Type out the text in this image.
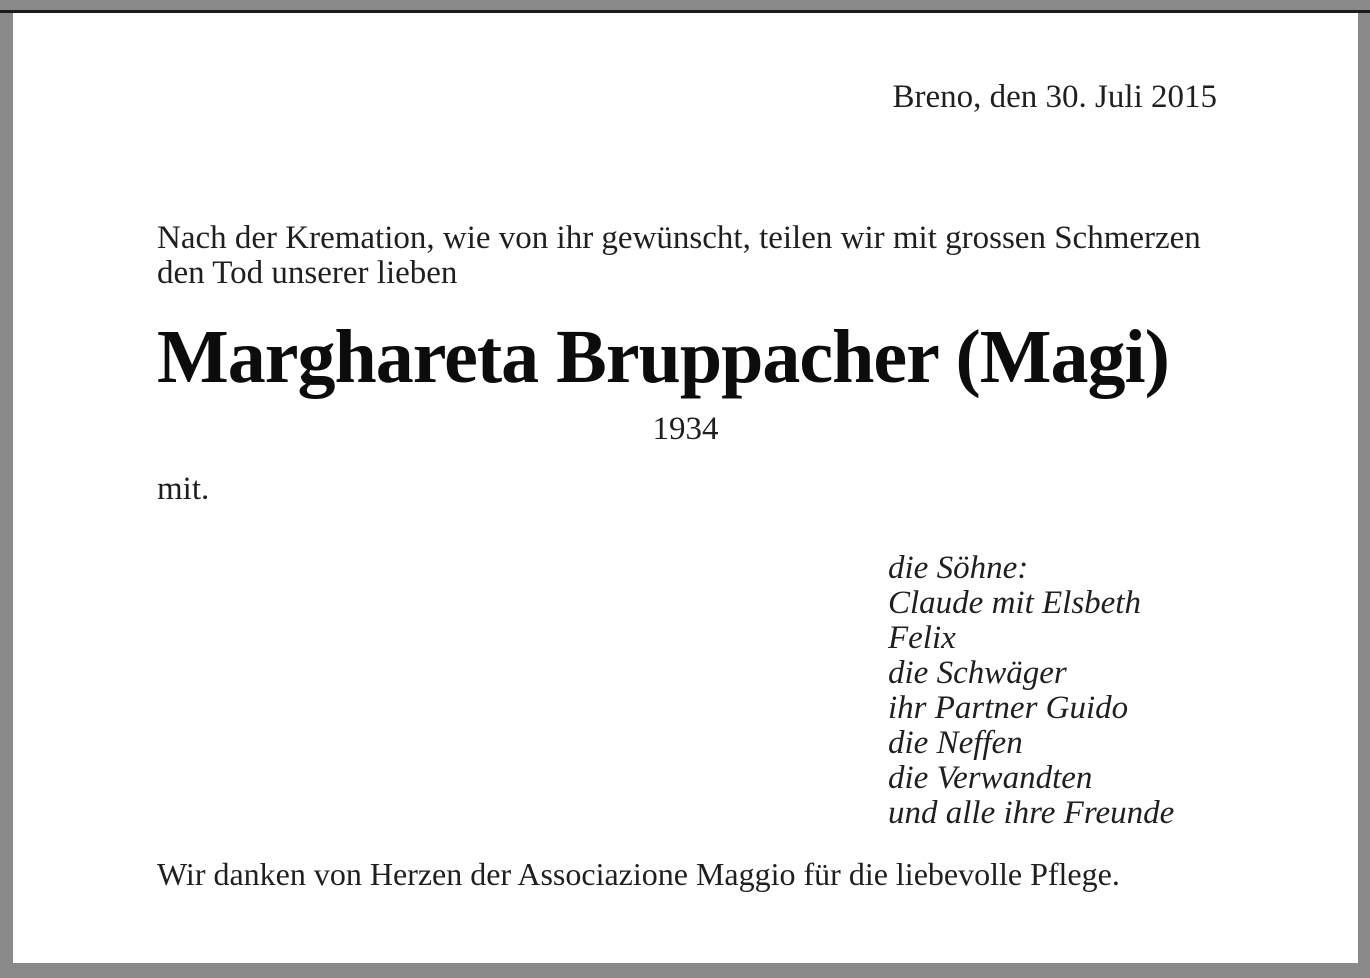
Breno, den 30. Juli 2015
Nach der Kremation, wie von ihr gewünscht, teilen wir mit grossen Schmerzen den Tod unserer lieben
Marghareta Bruppacher (Magi)
1934
mit.
die Söhne:
Claude mit Elsbeth
Felix
die Schwäger
ihr Partner Guido
die Neffen
die Verwandten
und alle ihre Freunde
Wir danken von Herzen der Associazione Maggio für die liebevolle Pflege.
